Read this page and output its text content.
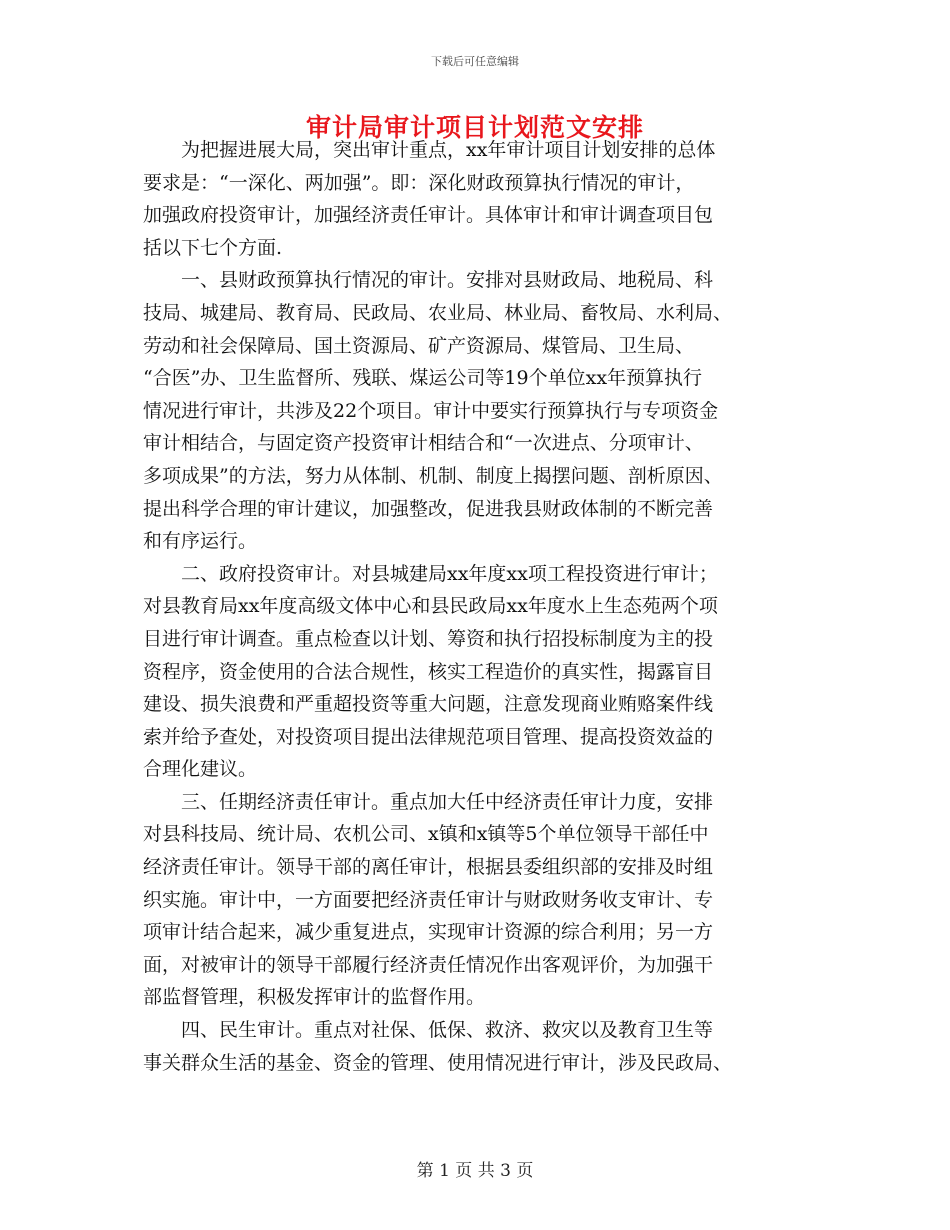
下载后可任意编辑
审计局审计项目计划范文安排

　　为把握进展大局，突出审计重点，xx年审计项目计划安排的总体
要求是：“一深化、两加强”。即：深化财政预算执行情况的审计，
加强政府投资审计，加强经济责任审计。具体审计和审计调查项目包
括以下七个方面.
　　一、县财政预算执行情况的审计。安排对县财政局、地税局、科
技局、城建局、教育局、民政局、农业局、林业局、畜牧局、水利局、
劳动和社会保障局、国土资源局、矿产资源局、煤管局、卫生局、
“合医”办、卫生监督所、残联、煤运公司等19个单位xx年预算执行
情况进行审计，共涉及22个项目。审计中要实行预算执行与专项资金
审计相结合，与固定资产投资审计相结合和“一次进点、分项审计、
多项成果”的方法，努力从体制、机制、制度上揭摆问题、剖析原因、
提出科学合理的审计建议，加强整改，促进我县财政体制的不断完善
和有序运行。
　　二、政府投资审计。对县城建局xx年度xx项工程投资进行审计；
对县教育局xx年度高级文体中心和县民政局xx年度水上生态苑两个项
目进行审计调查。重点检查以计划、筹资和执行招投标制度为主的投
资程序，资金使用的合法合规性，核实工程造价的真实性，揭露盲目
建设、损失浪费和严重超投资等重大问题，注意发现商业贿赂案件线
索并给予查处，对投资项目提出法律规范项目管理、提高投资效益的
合理化建议。
　　三、任期经济责任审计。重点加大任中经济责任审计力度，安排
对县科技局、统计局、农机公司、x镇和x镇等5个单位领导干部任中
经济责任审计。领导干部的离任审计，根据县委组织部的安排及时组
织实施。审计中，一方面要把经济责任审计与财政财务收支审计、专
项审计结合起来，减少重复进点，实现审计资源的综合利用；另一方
面，对被审计的领导干部履行经济责任情况作出客观评价，为加强干
部监督管理，积极发挥审计的监督作用。
　　四、民生审计。重点对社保、低保、救济、救灾以及教育卫生等
事关群众生活的基金、资金的管理、使用情况进行审计，涉及民政局、

第 1 页 共 3 页
